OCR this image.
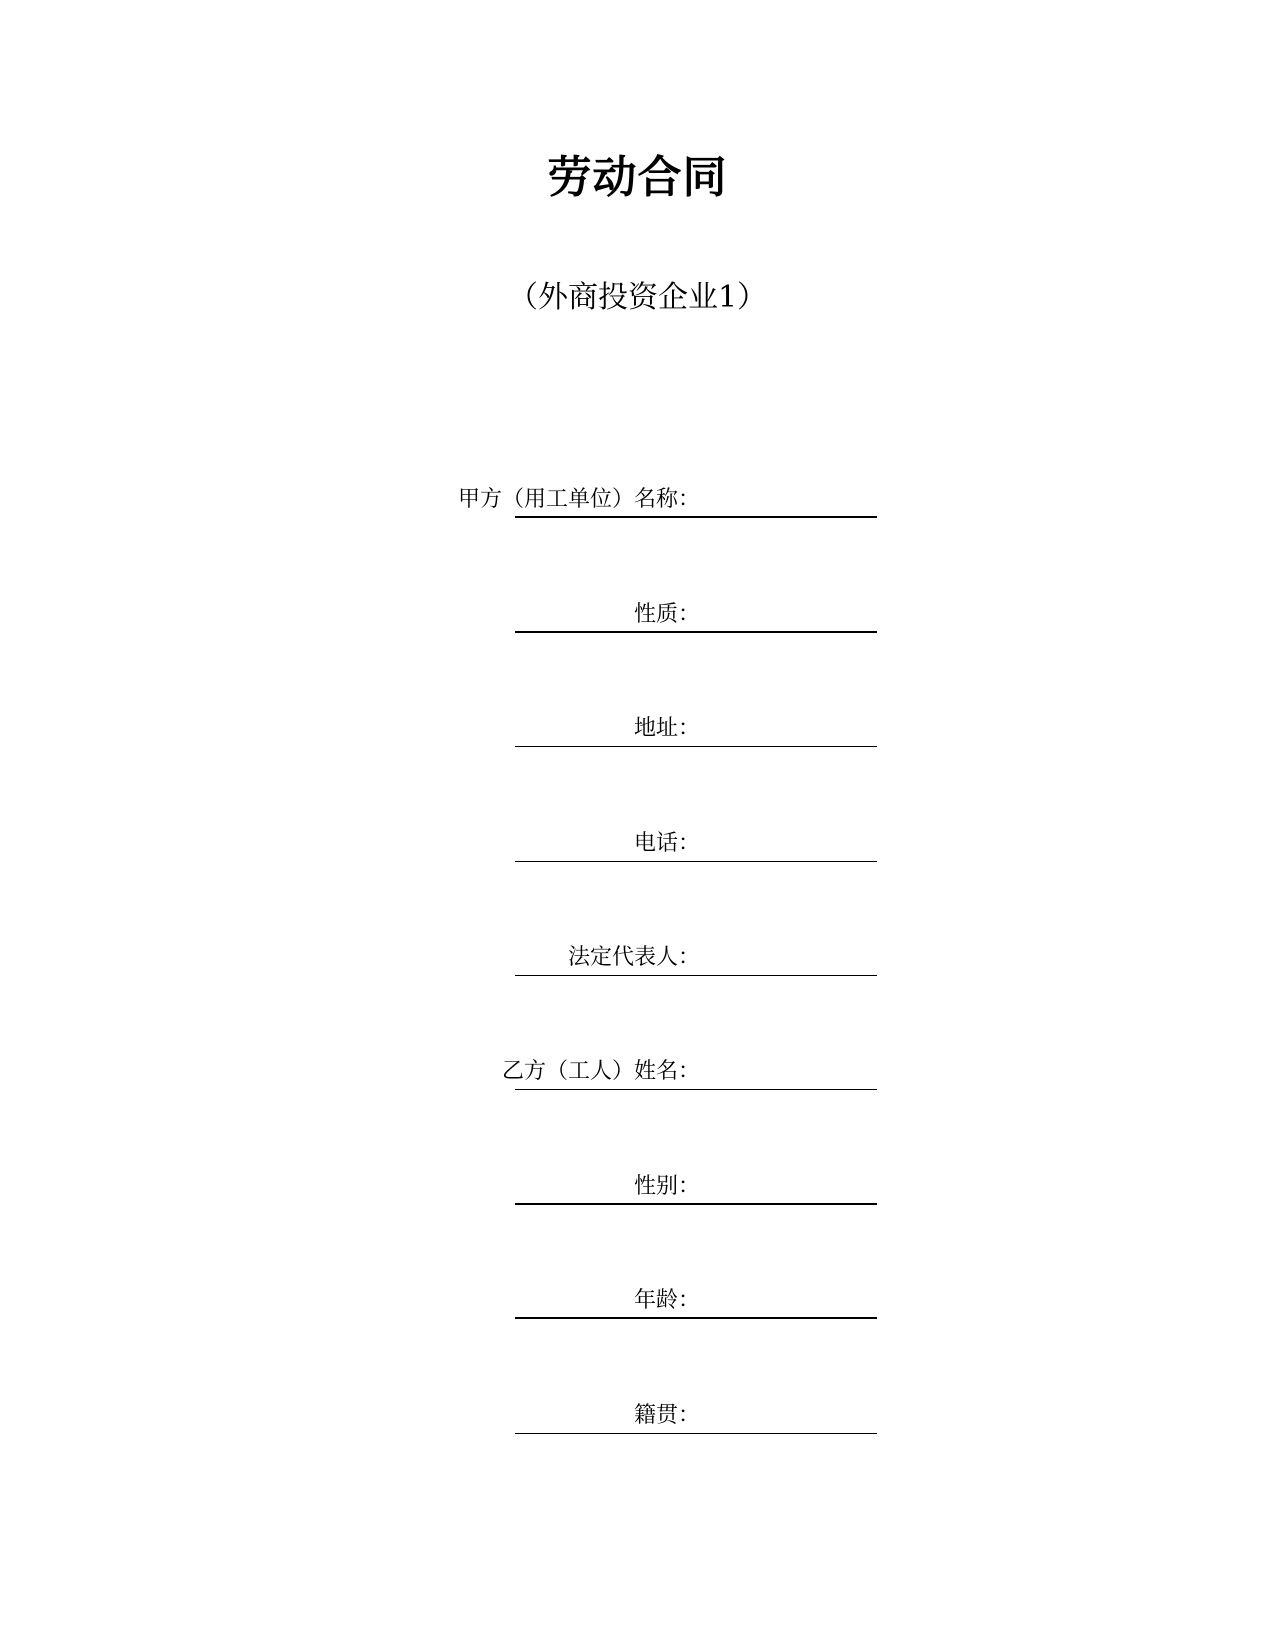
劳动合同
（外商投资企业1）
甲方（用工单位）名称：
性质：
地址：
电话：
法定代表人：
乙方（工人）姓名：
性别：
年龄：
籍贯：
